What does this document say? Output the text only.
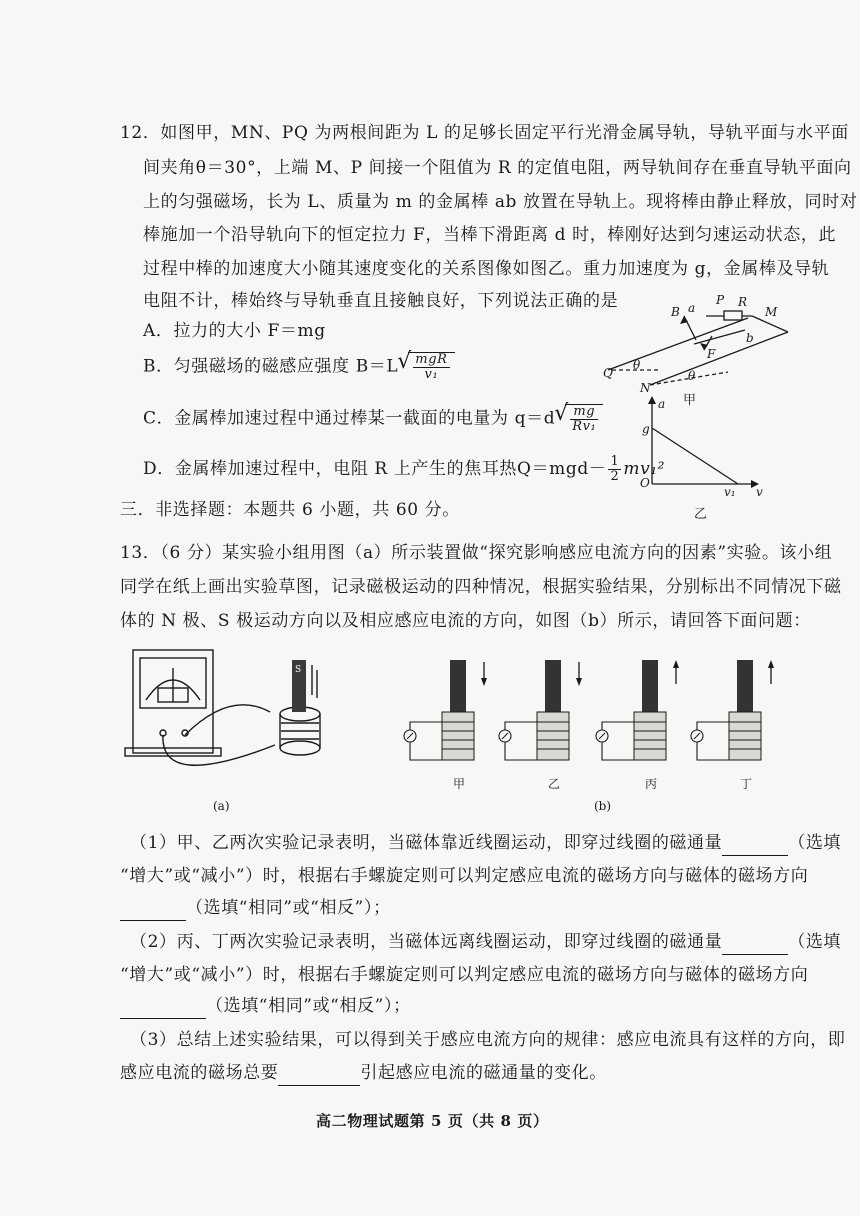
12．如图甲，MN、PQ 为两根间距为 L 的足够长固定平行光滑金属导轨，导轨平面与水平面
间夹角θ＝30°，上端 M、P 间接一个阻值为 R 的定值电阻，两导轨间存在垂直导轨平面向
上的匀强磁场，长为 L、质量为 m 的金属棒 ab 放置在导轨上。现将棒由静止释放，同时对
棒施加一个沿导轨向下的恒定拉力 F，当棒下滑距离 d 时，棒刚好达到匀速运动状态，此
过程中棒的加速度大小随其速度变化的关系图像如图乙。重力加速度为 g，金属棒及导轨
电阻不计，棒始终与导轨垂直且接触良好，下列说法正确的是
A．拉力的大小 F＝mg
B．匀强磁场的磁感应强度 B＝L √ $\frac{\text{mgR}}{\text{v₁}}$
C．金属棒加速过程中通过棒某一截面的电量为 q＝d √ $\frac{mg}{\text{Rv₁}}$
D．金属棒加速过程中，电阻 R 上产生的焦耳热$Q=mgd- \frac{1}{2} mv_1^2$
B a
P R
M
b
F
Q
N
θ
θ
a
g
O
v₁ v
甲
乙
三．非选择题：本题共 6 小题，共 60 分。
13．（6 分）某实验小组用图（a）所示装置做“探究影响感应电流方向的因素”实验。该小组
同学在纸上画出实验草图，记录磁极运动的四种情况，根据实验结果，分别标出不同情况下磁
体的 N 极、S 极运动方向以及相应感应电流的方向，如图（b）所示，请回答下面问题：
S
(a)	(b)
甲	乙	丙	丁
（1）甲、乙两次实验记录表明，当磁体靠近线圈运动，即穿过线圈的磁通量	（选填
“增大”或“减小”）时，根据右手螺旋定则可以判定感应电流的磁场方向与磁体的磁场方向
（选填“相同”或“相反”）；
（2）丙、丁两次实验记录表明，当磁体远离线圈运动，即穿过线圈的磁通量	（选填
“增大”或“减小”）时，根据右手螺旋定则可以判定感应电流的磁场方向与磁体的磁场方向
（选填“相同”或“相反”）；
（3）总结上述实验结果，可以得到关于感应电流方向的规律：感应电流具有这样的方向，即
感应电流的磁场总要	引起感应电流的磁通量的变化。
高二物理试题第 5 页（共 8 页）
